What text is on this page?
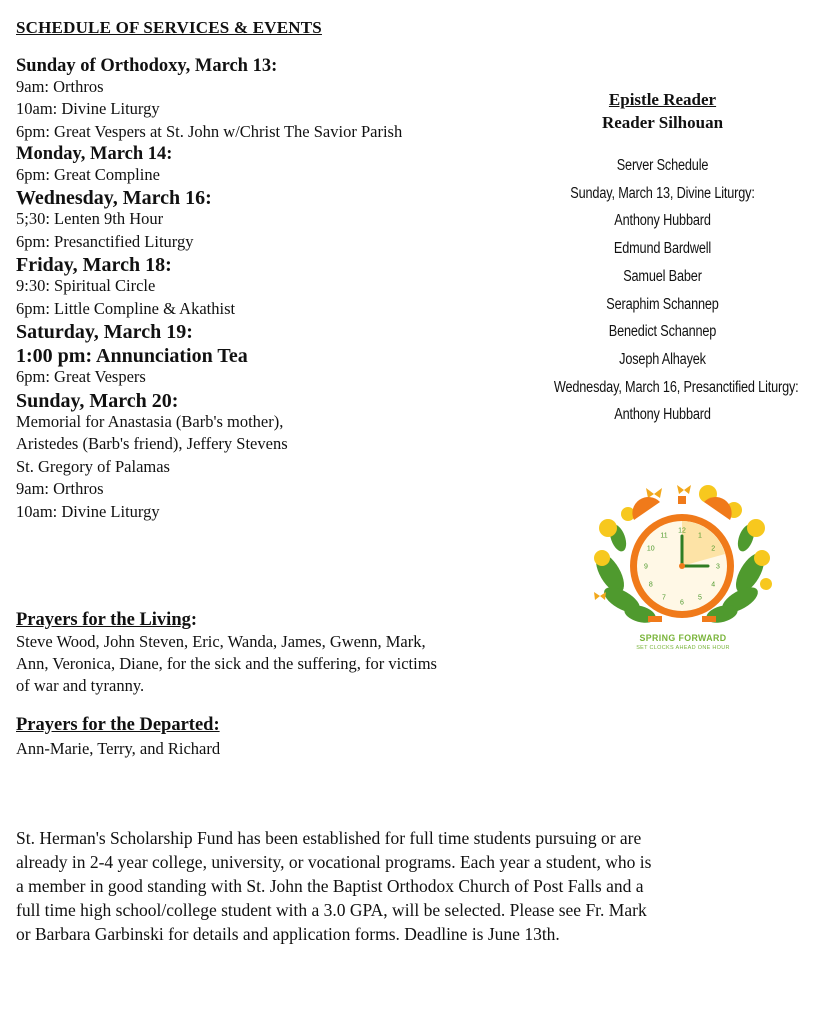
SCHEDULE OF SERVICES & EVENTS
Sunday of Orthodoxy, March 13:
9am: Orthros
10am: Divine Liturgy
6pm: Great Vespers at St. John w/Christ The Savior Parish
Monday, March 14:
6pm: Great Compline
Wednesday, March 16:
5;30: Lenten 9th Hour
6pm: Presanctified Liturgy
Friday, March 18:
9:30: Spiritual Circle
6pm: Little Compline & Akathist
Saturday, March 19:
1:00 pm: Annunciation Tea
6pm: Great Vespers
Sunday, March 20:
Memorial for Anastasia (Barb's mother),
Aristedes (Barb's friend), Jeffery Stevens
St. Gregory of Palamas
9am: Orthros
10am: Divine Liturgy
Epistle Reader
Reader Silhouan
Server Schedule
Sunday, March 13, Divine Liturgy:
Anthony Hubbard
Edmund Bardwell
Samuel Baber
Seraphim Schannep
Benedict Schannep
Joseph Alhayek
Wednesday, March 16, Presanctified Liturgy:
Anthony Hubbard
12
1
2
3
4
5
6
7
8
9
10
11
SPRING FORWARD
SET CLOCKS AHEAD ONE HOUR
Prayers for the Living:
Steve Wood, John Steven, Eric, Wanda, James, Gwenn, Mark,
Ann, Veronica, Diane, for the sick and the suffering, for victims
of war and tyranny.
Prayers for the Departed:
Ann-Marie, Terry, and Richard
St. Herman's Scholarship Fund has been established for full time students pursuing or are
already in 2-4 year college, university, or vocational programs. Each year a student, who is
a member in good standing with St. John the Baptist Orthodox Church of Post Falls and a
full time high school/college student with a 3.0 GPA, will be selected. Please see Fr. Mark
or Barbara Garbinski for details and application forms. Deadline is June 13th.
